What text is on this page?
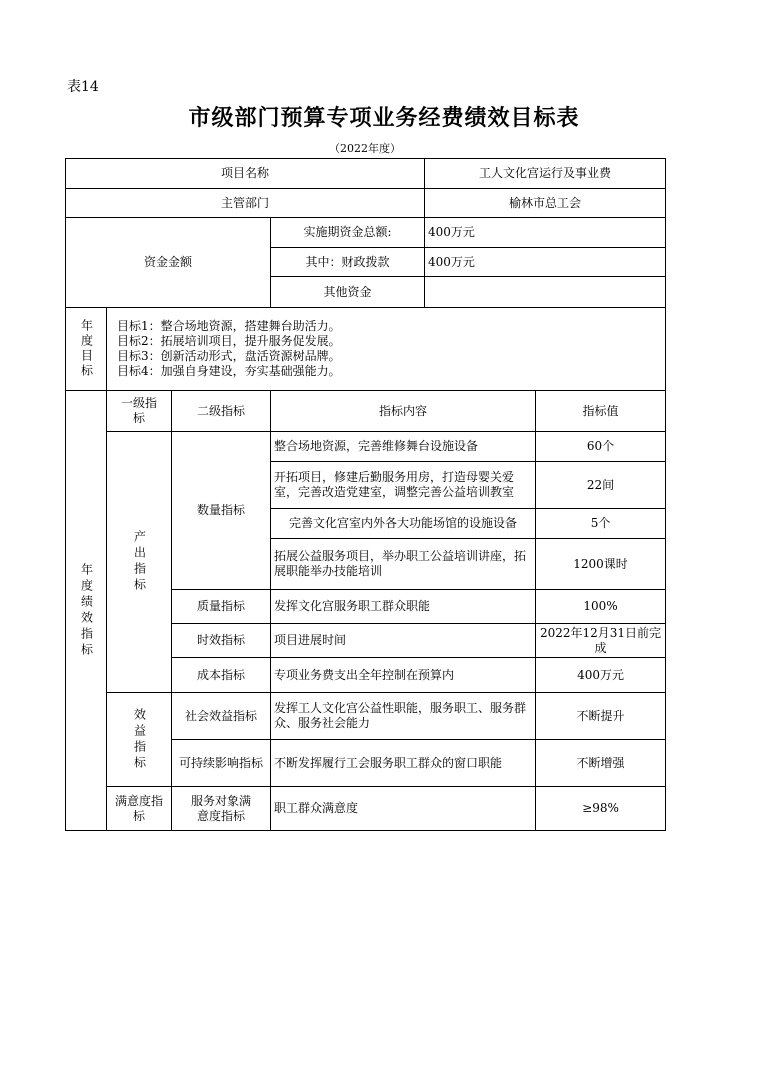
表14
市级部门预算专项业务经费绩效目标表
（2022年度）
项目名称				工人文化宫运行及事业费	
主管部门				榆林市总工会	
资金金额			实施期资金总额:	400万元	
			其中：财政拨款	400万元	
			其他资金		
年度目标	目标1：整合场地资源，搭建舞台助活力。
目标2：拓展培训项目，提升服务促发展。
目标3：创新活动形式，盘活资源树品牌。
目标4：加强自身建设，夯实基础强能力。				

年度绩效指标	一级指标	二级指标	指标内容		指标值
	产出指标	数量指标	整合场地资源，完善维修舞台设施设备		60个
			开拓项目，修建后勤服务用房，打造母婴关爱室，完善改造党建室，调整完善公益培训教室		22间
			完善文化宫室内外各大功能场馆的设施设备		5个
			拓展公益服务项目，举办职工公益培训讲座，拓展职能举办技能培训		1200课时
		质量指标	发挥文化宫服务职工群众职能		100%
		时效指标	项目进展时间		2022年12月31日前完成
		成本指标	专项业务费支出全年控制在预算内		400万元
	效益指标	社会效益指标	发挥工人文化宫公益性职能，服务职工、服务群众、服务社会能力		不断提升
		可持续影响指标	不断发挥履行工会服务职工群众的窗口职能		不断增强
	满意度指标	服务对象满意度指标	职工群众满意度		≥98%
